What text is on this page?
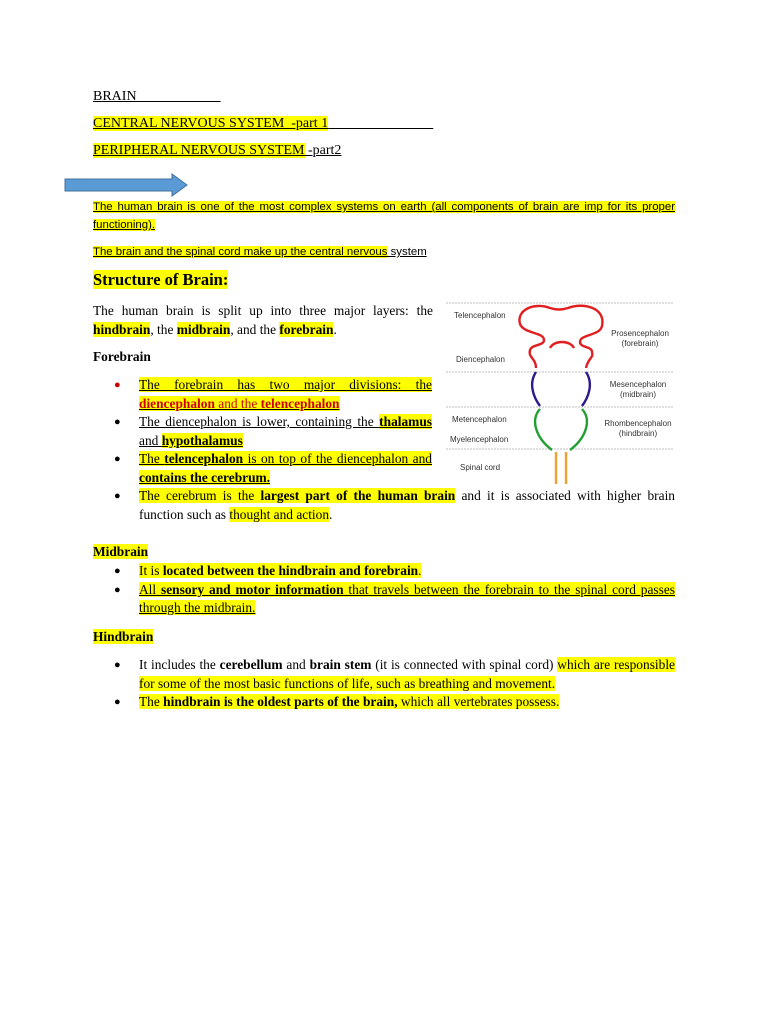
BRAIN
CENTRAL NERVOUS SYSTEM  -part 1
PERIPHERAL NERVOUS SYSTEM -part2
The human brain is one of the most complex systems on earth (all components of brain are imp for its proper functioning).
The brain and the spinal cord make up the central nervous system
Structure of Brain:
The human brain is split up into three major layers: the hindbrain, the midbrain, and the forebrain.
Forebrain
● The forebrain has two major divisions: the diencephalon and the telencephalon
● The diencephalon is lower, containing the thalamus and hypothalamus
● The telencephalon is on top of the diencephalon and contains the cerebrum.
● The cerebrum is the largest part of the human brain and it is associated with higher brain function such as thought and action.
Midbrain
● It is located between the hindbrain and forebrain.
● All sensory and motor information that travels between the forebrain to the spinal cord passes through the midbrain.
Hindbrain
● It includes the cerebellum and brain stem (it is connected with spinal cord) which are responsible for some of the most basic functions of life, such as breathing and movement.
● The hindbrain is the oldest parts of the brain, which all vertebrates possess.
Telencephalon
Diencephalon
Metencephalon
Myelencephalon
Spinal cord
Prosencephalon
(forebrain)
Mesencephalon
(midbrain)
Rhombencephalon
(hindbrain)
